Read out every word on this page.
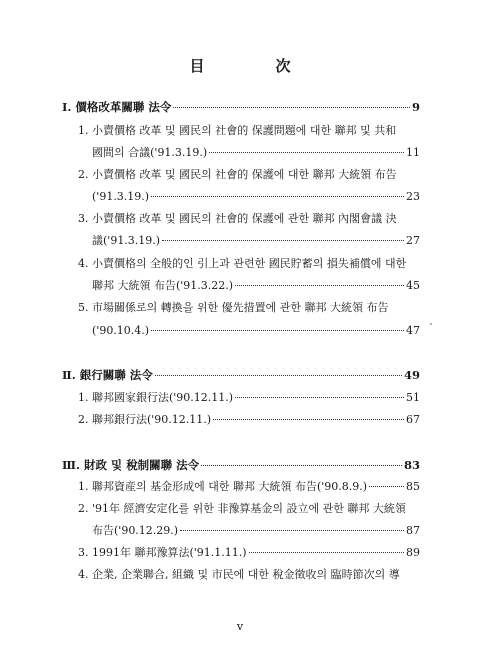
目　次
Ⅰ. 價格改革關聯 法令	9
1. 小賣價格 改革 및 國民의 社會的 保護問題에 대한 聯邦 및 共和
國間의 合議('91.3.19.)	11
2. 小賣價格 改革 및 國民의 社會的 保護에 대한 聯邦 大統領 布告
('91.3.19.)	23
3. 小賣價格 改革 및 國民의 社會的 保護에 관한 聯邦 內閣會議 決
議('91.3.19.)	27
4. 小賣價格의 全般的인 引上과 관련한 國民貯蓄의 損失補償에 대한
聯邦 大統領 布告('91.3.22.)	45
5. 市場關係로의 轉換을 위한 優先措置에 관한 聯邦 大統領 布告
('90.10.4.)	47
Ⅱ. 銀行關聯 法令	49
1. 聯邦國家銀行法('90.12.11.)	51
2. 聯邦銀行法('90.12.11.)	67
Ⅲ. 財政 및 稅制關聯 法令	83
1. 聯邦資産의 基金形成에 대한 聯邦 大統領 布告('90.8.9.)	85
2. '91年 經濟安定化를 위한 非豫算基金의 設立에 관한 聯邦 大統領
布告('90.12.29.)	87
3. 1991年 聯邦豫算法('91.1.11.)	89
4. 企業, 企業聯合, 組織 및 市民에 대한 稅金徵收의 臨時節次의 導
v
